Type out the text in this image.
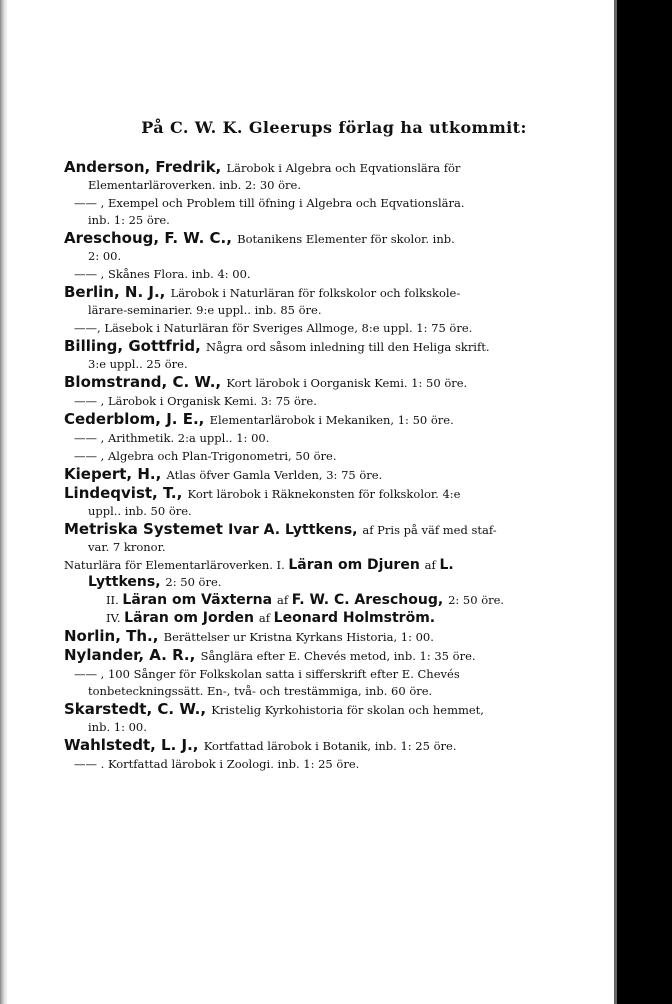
På C. W. K. Gleerups förlag ha utkommit:
Anderson, Fredrik, Lärobok i Algebra och Eqvationslära för
Elementarläroverken. inb. 2: 30 öre.
—— , Exempel och Problem till öfning i Algebra och Eqvationslära.
inb. 1: 25 öre.
Areschoug, F. W. C., Botanikens Elementer för skolor. inb.
2: 00.
—— , Skånes Flora. inb. 4: 00.
Berlin, N. J., Lärobok i Naturläran för folkskolor och folkskole-
lärare-seminarier. 9:e uppl.. inb. 85 öre.
——, Läsebok i Naturläran för Sveriges Allmoge, 8:e uppl. 1: 75 öre.
Billing, Gottfrid, Några ord såsom inledning till den Heliga skrift.
3:e uppl.. 25 öre.
Blomstrand, C. W., Kort lärobok i Oorganisk Kemi. 1: 50 öre.
—— , Lärobok i Organisk Kemi. 3: 75 öre.
Cederblom, J. E., Elementarlärobok i Mekaniken, 1: 50 öre.
—— , Arithmetik. 2:a uppl.. 1: 00.
—— , Algebra och Plan-Trigonometri, 50 öre.
Kiepert, H., Atlas öfver Gamla Verlden, 3: 75 öre.
Lindeqvist, T., Kort lärobok i Räknekonsten för folkskolor. 4:e
uppl.. inb. 50 öre.
Metriska Systemet Ivar A. Lyttkens, af Pris på väf med staf-
var. 7 kronor.
Naturlära för Elementarläroverken. I. Läran om Djuren af L.
Lyttkens, 2: 50 öre.
II. Läran om Växterna af F. W. C. Areschoug, 2: 50 öre.
IV. Läran om Jorden af Leonard Holmström.
Norlin, Th., Berättelser ur Kristna Kyrkans Historia, 1: 00.
Nylander, A. R., Sånglära efter E. Chevés metod, inb. 1: 35 öre.
—— , 100 Sånger för Folkskolan satta i sifferskrift efter E. Chevés
tonbeteckningssätt. En-, två- och trestämmiga, inb. 60 öre.
Skarstedt, C. W., Kristelig Kyrkohistoria för skolan och hemmet,
inb. 1: 00.
Wahlstedt, L. J., Kortfattad lärobok i Botanik, inb. 1: 25 öre.
—— . Kortfattad lärobok i Zoologi. inb. 1: 25 öre.
